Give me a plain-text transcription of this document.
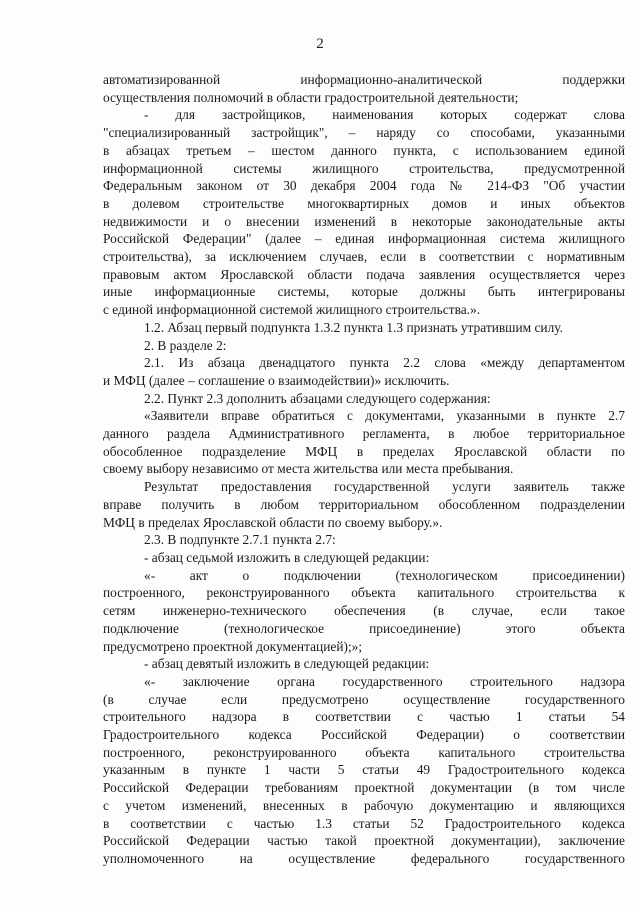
2
автоматизированной информационно-аналитической поддержки
осуществления полномочий в области градостроительной деятельности;
- для застройщиков, наименования которых содержат слова
"специализированный застройщик", – наряду со способами, указанными
в абзацах третьем – шестом данного пункта, с использованием единой
информационной системы жилищного строительства, предусмотренной
Федеральным законом от 30 декабря 2004 года № 214-ФЗ "Об участии
в долевом строительстве многоквартирных домов и иных объектов
недвижимости и о внесении изменений в некоторые законодательные акты
Российской Федерации" (далее – единая информационная система жилищного
строительства), за исключением случаев, если в соответствии с нормативным
правовым актом Ярославской области подача заявления осуществляется через
иные информационные системы, которые должны быть интегрированы
с единой информационной системой жилищного строительства.».
1.2. Абзац первый подпункта 1.3.2 пункта 1.3 признать утратившим силу.
2. В разделе 2:
2.1. Из абзаца двенадцатого пункта 2.2 слова «между департаментом
и МФЦ (далее – соглашение о взаимодействии)» исключить.
2.2. Пункт 2.3 дополнить абзацами следующего содержания:
«Заявители вправе обратиться с документами, указанными в пункте 2.7
данного раздела Административного регламента, в любое территориальное
обособленное подразделение МФЦ в пределах Ярославской области по
своему выбору независимо от места жительства или места пребывания.
Результат предоставления государственной услуги заявитель также
вправе получить в любом территориальном обособленном подразделении
МФЦ в пределах Ярославской области по своему выбору.».
2.3. В подпункте 2.7.1 пункта 2.7:
- абзац седьмой изложить в следующей редакции:
«- акт о подключении (технологическом присоединении)
построенного, реконструированного объекта капитального строительства к
сетям инженерно-технического обеспечения (в случае, если такое
подключение (технологическое присоединение) этого объекта
предусмотрено проектной документацией);»;
- абзац девятый изложить в следующей редакции:
«- заключение органа государственного строительного надзора
(в случае если предусмотрено осуществление государственного
строительного надзора в соответствии с частью 1 статьи 54
Градостроительного кодекса Российской Федерации) о соответствии
построенного, реконструированного объекта капитального строительства
указанным в пункте 1 части 5 статьи 49 Градостроительного кодекса
Российской Федерации требованиям проектной документации (в том числе
с учетом изменений, внесенных в рабочую документацию и являющихся
в соответствии с частью 1.3 статьи 52 Градостроительного кодекса
Российской Федерации частью такой проектной документации), заключение
уполномоченного на осуществление федерального государственного
